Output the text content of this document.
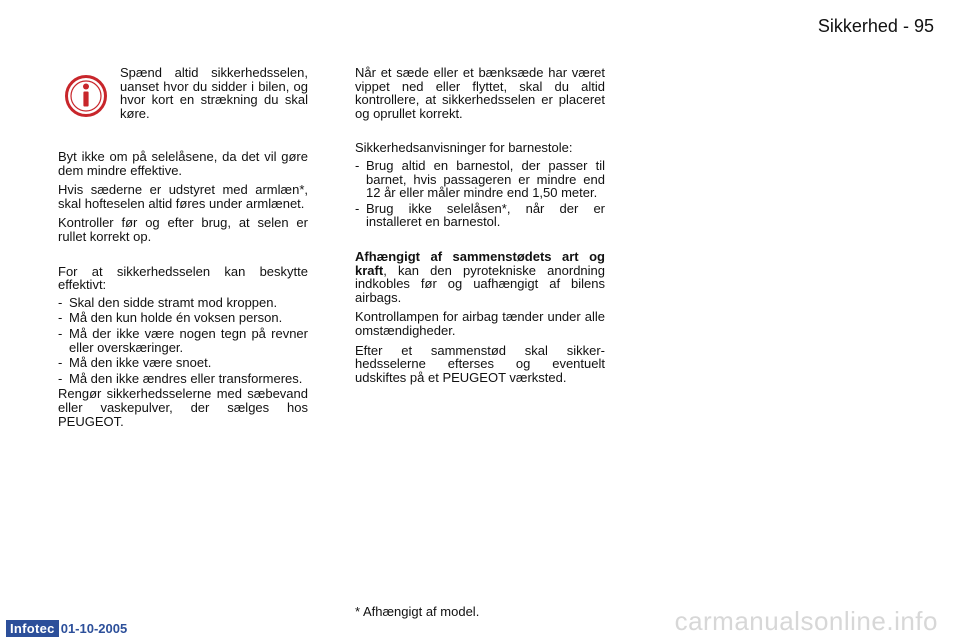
Sikkerhed - 95

Spænd altid sikkerhedsselen, uanset hvor du sidder i bilen, og hvor kort en strækning du skal køre.

Byt ikke om på selelåsene, da det vil gøre dem mindre effektive.

Hvis sæderne er udstyret med armlæn*, skal hofteselen altid føres under armlænet.

Kontroller før og efter brug, at selen er rullet korrekt op.

For at sikkerhedsselen kan beskytte effektivt:

- Skal den sidde stramt mod kroppen.
- Må den kun holde én voksen person.
- Må der ikke være nogen tegn på revner eller overskæringer.
- Må den ikke være snoet.
- Må den ikke ændres eller transformeres.

Rengør sikkerhedsselerne med sæbevand eller vaskepulver, der sælges hos PEUGEOT.

Når et sæde eller et bænksæde har været vippet ned eller flyttet, skal du altid kontrollere, at sikkerhedsselen er placeret og oprullet korrekt.

Sikkerhedsanvisninger for barnestole:

- Brug altid en barnestol, der passer til barnet, hvis passageren er mindre end 12 år eller måler mindre end 1,50 meter.
- Brug ikke selelåsen*, når der er installeret en barnestol.

Afhængigt af sammenstødets art og kraft, kan den pyrotekniske anordning indkobles før og uafhængigt af bilens airbags.

Kontrollampen for airbag tænder under alle omstændigheder.

Efter et sammenstød skal sikkerhedsselerne efterses og eventuelt udskiftes på et PEUGEOT værksted.

* Afhængigt af model.
Infotec 01-10-2005	carmanualsonline.info
